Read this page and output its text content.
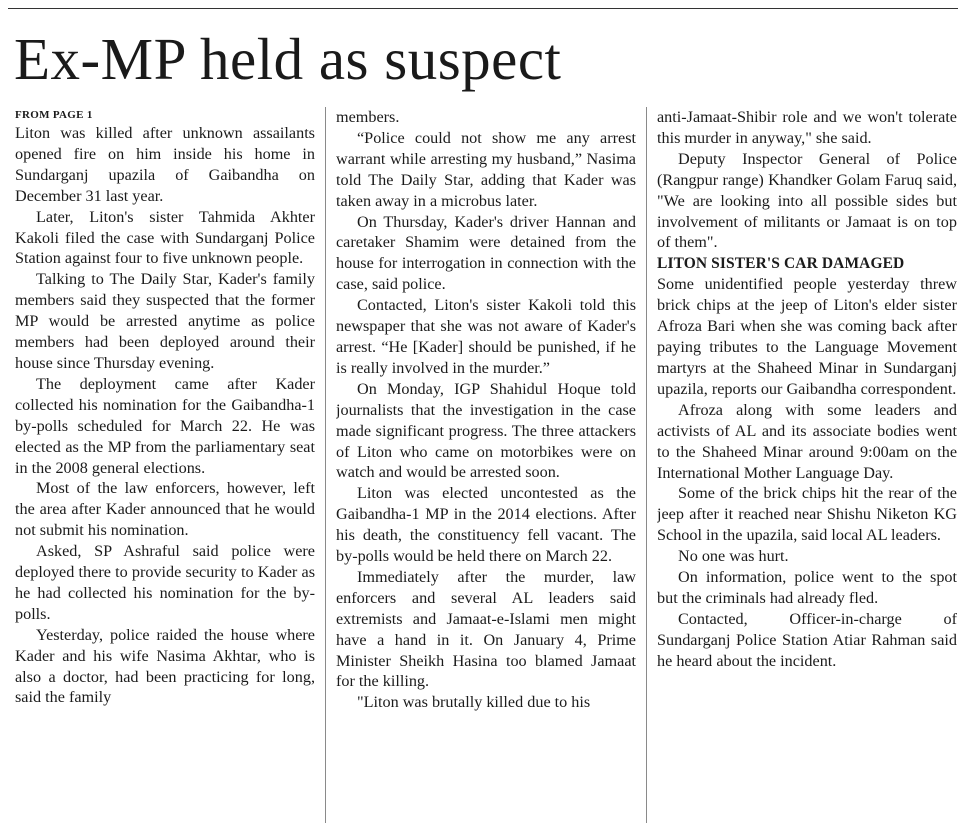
Ex-MP held as suspect
FROM PAGE 1

Liton was killed after unknown assailants opened fire on him inside his home in Sundarganj upazila of Gaibandha on December 31 last year.

Later, Liton's sister Tahmida Akhter Kakoli filed the case with Sundarganj Police Station against four to five unknown people.

Talking to The Daily Star, Kader's family members said they suspected that the former MP would be arrested anytime as police members had been deployed around their house since Thursday evening.

The deployment came after Kader collected his nomination for the Gaibandha-1 by-polls scheduled for March 22. He was elected as the MP from the parliamentary seat in the 2008 general elections.

Most of the law enforcers, however, left the area after Kader announced that he would not submit his nomination.

Asked, SP Ashraful said police were deployed there to provide security to Kader as he had collected his nomination for the by-polls.

Yesterday, police raided the house where Kader and his wife Nasima Akhtar, who is also a doctor, had been practicing for long, said the family

members.

“Police could not show me any arrest warrant while arresting my husband,” Nasima told The Daily Star, adding that Kader was taken away in a microbus later.

On Thursday, Kader's driver Hannan and caretaker Shamim were detained from the house for interrogation in connection with the case, said police.

Contacted, Liton's sister Kakoli told this newspaper that she was not aware of Kader's arrest. “He [Kader] should be punished, if he is really involved in the murder.”

On Monday, IGP Shahidul Hoque told journalists that the investigation in the case made significant progress. The three attackers of Liton who came on motorbikes were on watch and would be arrested soon.

Liton was elected uncontested as the Gaibandha-1 MP in the 2014 elections. After his death, the constituency fell vacant. The by-polls would be held there on March 22.

Immediately after the murder, law enforcers and several AL leaders said extremists and Jamaat-e-Islami men might have a hand in it. On January 4, Prime Minister Sheikh Hasina too blamed Jamaat for the killing.

"Liton was brutally killed due to his

anti-Jamaat-Shibir role and we won't tolerate this murder in anyway," she said.

Deputy Inspector General of Police (Rangpur range) Khandker Golam Faruq said, "We are looking into all possible sides but involvement of militants or Jamaat is on top of them".

LITON SISTER'S CAR DAMAGED

Some unidentified people yesterday threw brick chips at the jeep of Liton's elder sister Afroza Bari when she was coming back after paying tributes to the Language Movement martyrs at the Shaheed Minar in Sundarganj upazila, reports our Gaibandha correspondent.

Afroza along with some leaders and activists of AL and its associate bodies went to the Shaheed Minar around 9:00am on the International Mother Language Day.

Some of the brick chips hit the rear of the jeep after it reached near Shishu Niketon KG School in the upazila, said local AL leaders.

No one was hurt.

On information, police went to the spot but the criminals had already fled.

Contacted, Officer-in-charge of Sundarganj Police Station Atiar Rahman said he heard about the incident.
